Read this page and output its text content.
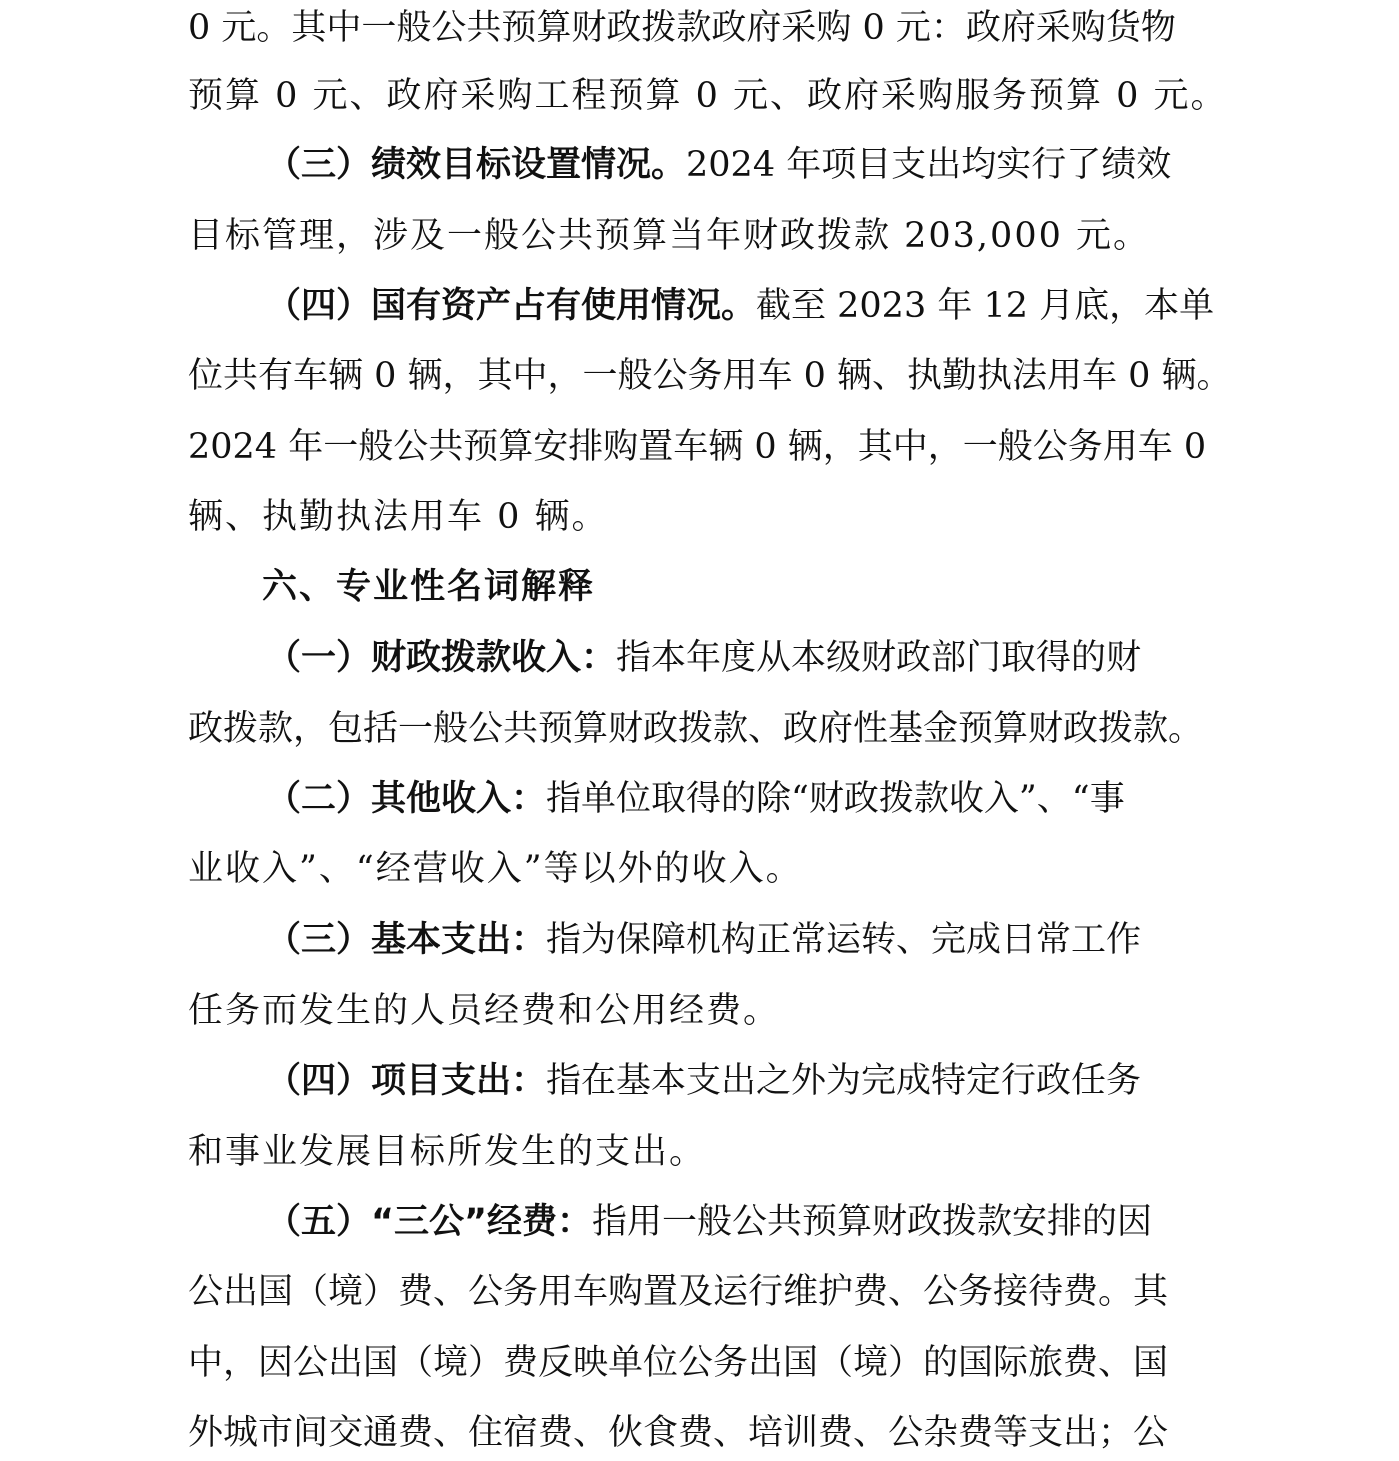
0 元。其中一般公共预算财政拨款政府采购 0 元：政府采购货物
预算 0 元、政府采购工程预算 0 元、政府采购服务预算 0 元。
（三）绩效目标设置情况。2024 年项目支出均实行了绩效
目标管理，涉及一般公共预算当年财政拨款 203,000 元。
（四）国有资产占有使用情况。截至 2023 年 12 月底，本单
位共有车辆 0 辆，其中，一般公务用车 0 辆、执勤执法用车 0 辆。
2024 年一般公共预算安排购置车辆 0 辆，其中，一般公务用车 0
辆、执勤执法用车 0 辆。
六、专业性名词解释
（一）财政拨款收入：指本年度从本级财政部门取得的财
政拨款，包括一般公共预算财政拨款、政府性基金预算财政拨款。
（二）其他收入：指单位取得的除“财政拨款收入”、“事
业收入”、“经营收入”等以外的收入。
（三）基本支出：指为保障机构正常运转、完成日常工作
任务而发生的人员经费和公用经费。
（四）项目支出：指在基本支出之外为完成特定行政任务
和事业发展目标所发生的支出。
（五）“三公”经费：指用一般公共预算财政拨款安排的因
公出国（境）费、公务用车购置及运行维护费、公务接待费。其
中，因公出国（境）费反映单位公务出国（境）的国际旅费、国
外城市间交通费、住宿费、伙食费、培训费、公杂费等支出；公
